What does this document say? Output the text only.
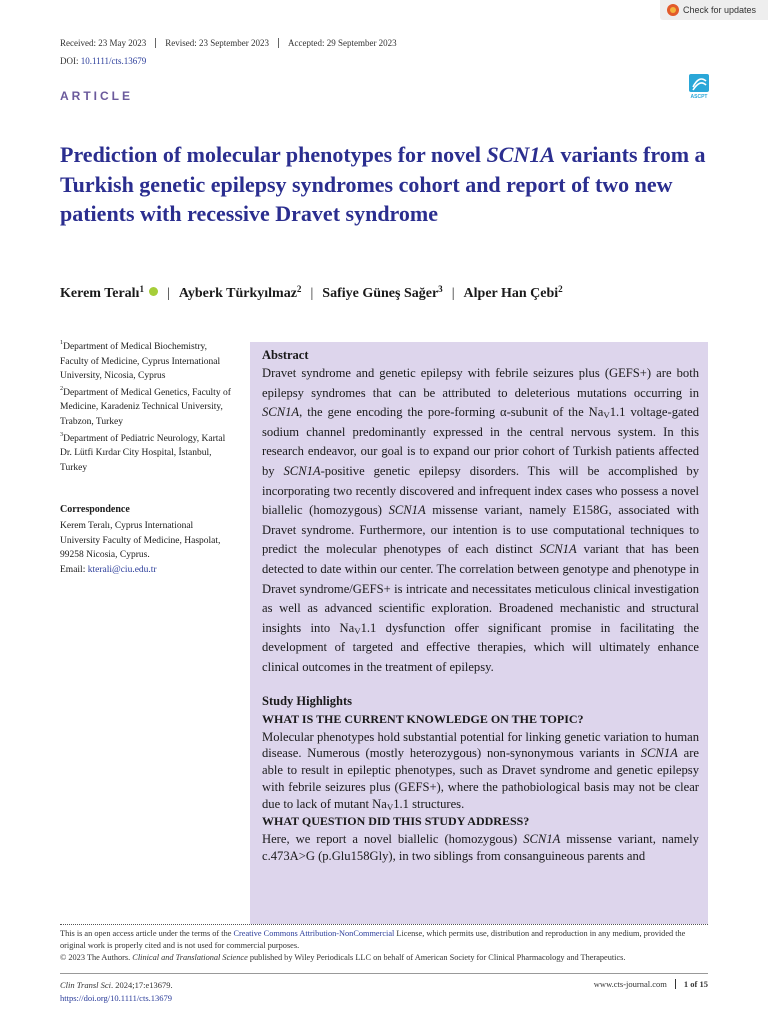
Check for updates
Received: 23 May 2023	Revised: 23 September 2023	Accepted: 29 September 2023
DOI: 10.1111/cts.13679
ARTICLE	ASCPT
Prediction of molecular phenotypes for novel SCN1A variants from a Turkish genetic epilepsy syndromes cohort and report of two new patients with recessive Dravet syndrome
Kerem Teralı$^1$ | Ayberk Türkyılmaz$^2$ | Safiye Güneş Sağer$^3$ | Alper Han Çebi$^2$

$^1$Department of Medical Biochemistry, Faculty of Medicine, Cyprus International University, Nicosia, Cyprus

$^2$Department of Medical Genetics, Faculty of Medicine, Karadeniz Technical University, Trabzon, Turkey

$^3$Department of Pediatric Neurology, Kartal Dr. Lütfi Kırdar City Hospital, İstanbul, Turkey

Correspondence
Kerem Teralı, Cyprus International University Faculty of Medicine, Haspolat, 99258 Nicosia, Cyprus.
Email: kterali@ciu.edu.tr
Abstract

Dravet syndrome and genetic epilepsy with febrile seizures plus (GEFS+) are both epilepsy syndromes that can be attributed to deleterious mutations occurring in SCN1A, the gene encoding the pore-forming α-subunit of the $Na_V1.1$ voltage-gated sodium channel predominantly expressed in the central nervous system. In this research endeavor, our goal is to expand our prior cohort of Turkish patients affected by SCN1A-positive genetic epilepsy disorders. This will be accomplished by incorporating two recently discovered and infrequent index cases who possess a novel biallelic (homozygous) SCN1A missense variant, namely E158G, associated with Dravet syndrome. Furthermore, our intention is to use computational techniques to predict the molecular phenotypes of each distinct SCN1A variant that has been detected to date within our center. The correlation between genotype and phenotype in Dravet syndrome/GEFS+ is intricate and necessitates meticulous clinical investigation as well as advanced scientific exploration. Broadened mechanistic and structural insights into $Na_V1.1$ dysfunction offer significant promise in facilitating the development of targeted and effective therapies, which will ultimately enhance clinical outcomes in the treatment of epilepsy.

Study Highlights
WHAT IS THE CURRENT KNOWLEDGE ON THE TOPIC?

Molecular phenotypes hold substantial potential for linking genetic variation to human disease. Numerous (mostly heterozygous) non-synonymous variants in SCN1A are able to result in epileptic phenotypes, such as Dravet syndrome and genetic epilepsy with febrile seizures plus (GEFS+), where the pathobiological basis may not be clear due to lack of mutant $Na_V1.1$ structures.

WHAT QUESTION DID THIS STUDY ADDRESS?

Here, we report a novel biallelic (homozygous) SCN1A missense variant, namely c.473A>G (p.Glu158Gly), in two siblings from consanguineous parents and

This is an open access article under the terms of the Creative Commons Attribution-NonCommercial License, which permits use, distribution and reproduction in any medium, provided the original work is properly cited and is not used for commercial purposes.
© 2023 The Authors. Clinical and Translational Science published by Wiley Periodicals LLC on behalf of American Society for Clinical Pharmacology and Therapeutics.
Clin Transl Sci. 2024;17:e13679.
https://doi.org/10.1111/cts.13679
www.cts-journal.com	1 of 15
